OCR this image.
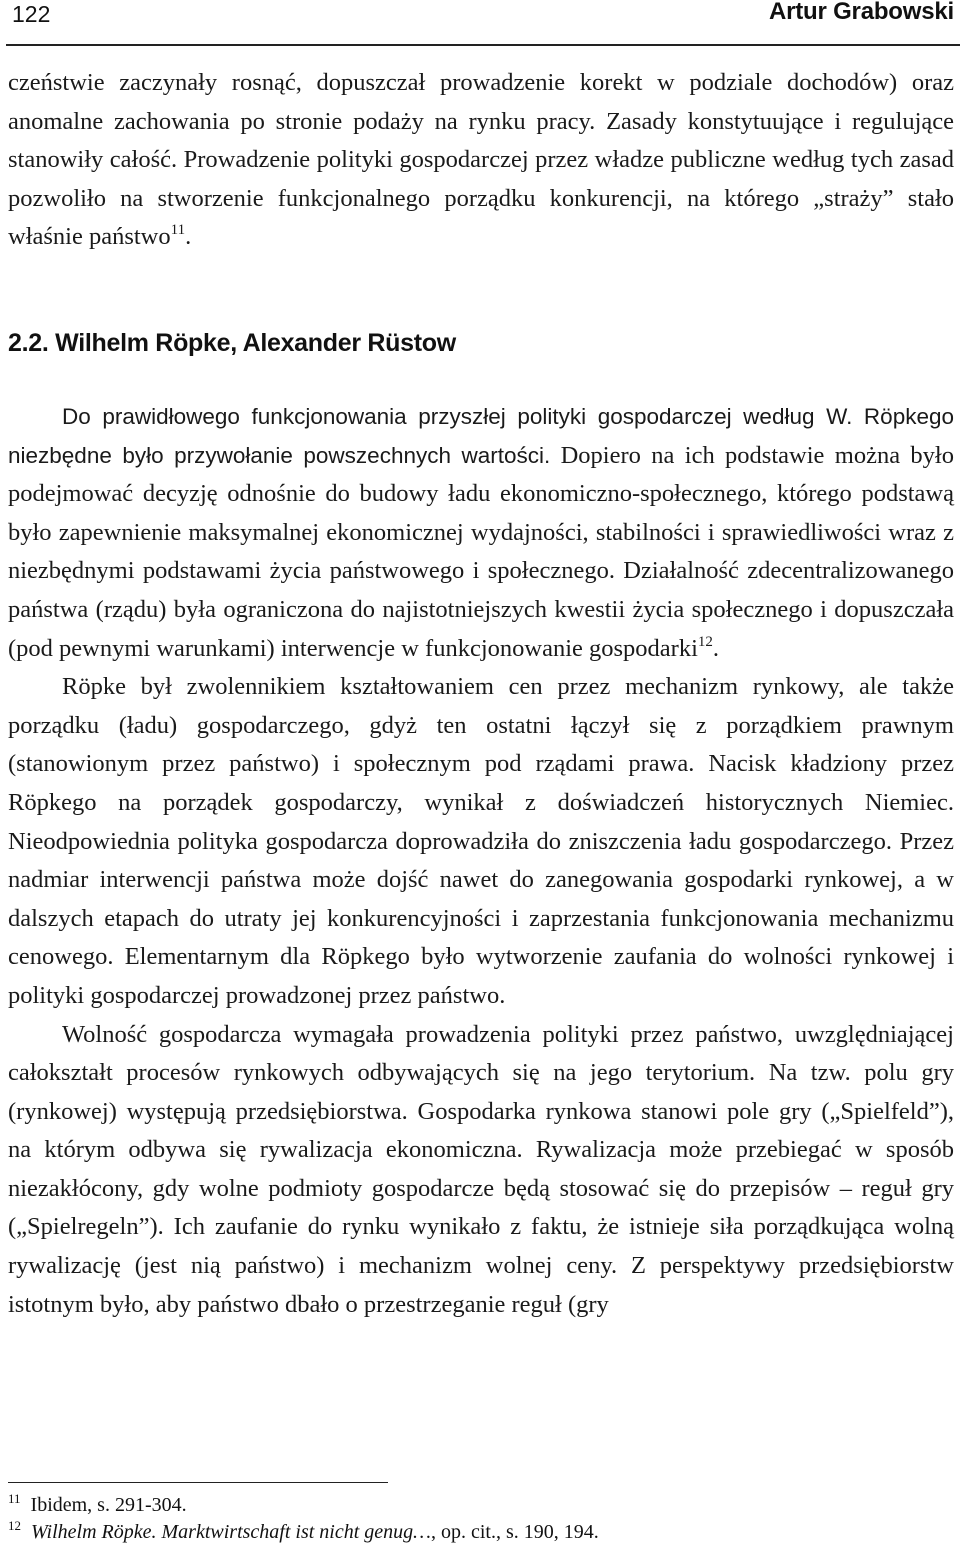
122	Artur Grabowski

czeństwie zaczynały rosnąć, dopuszczał prowadzenie korekt w podziale dochodów) oraz anomalne zachowania po stronie podaży na rynku pracy. Zasady konstytuujące i regulujące stanowiły całość. Prowadzenie polityki gospodarczej przez władze publiczne według tych zasad pozwoliło na stworzenie funkcjonalnego porządku konkurencji, na którego „straży” stało właśnie państwo$^{11}$.

2.2. Wilhelm Röpke, Alexander Rüstow

Do prawidłowego funkcjonowania przyszłej polityki gospodarczej według W. Röpkego niezbędne było przywołanie powszechnych wartości. Dopiero na ich podstawie można było podejmować decyzję odnośnie do budowy ładu ekonomiczno-społecznego, którego podstawą było zapewnienie maksymalnej ekonomicznej wydajności, stabilności i sprawiedliwości wraz z niezbędnymi podstawami życia państwowego i społecznego. Działalność zdecentralizowanego państwa (rządu) była ograniczona do najistotniejszych kwestii życia społecznego i dopuszczała (pod pewnymi warunkami) interwencje w funkcjonowanie gospodarki$^{12}$.

Röpke był zwolennikiem kształtowaniem cen przez mechanizm rynkowy, ale także porządku (ładu) gospodarczego, gdyż ten ostatni łączył się z porządkiem prawnym (stanowionym przez państwo) i społecznym pod rządami prawa. Nacisk kładziony przez Röpkego na porządek gospodarczy, wynikał z doświadczeń historycznych Niemiec. Nieodpowiednia polityka gospodarcza doprowadziła do zniszczenia ładu gospodarczego. Przez nadmiar interwencji państwa może dojść nawet do zanegowania gospodarki rynkowej, a w dalszych etapach do utraty jej konkurencyjności i zaprzestania funkcjonowania mechanizmu cenowego. Elementarnym dla Röpkego było wytworzenie zaufania do wolności rynkowej i polityki gospodarczej prowadzonej przez państwo.

Wolność gospodarcza wymagała prowadzenia polityki przez państwo, uwzględniającej całokształt procesów rynkowych odbywających się na jego terytorium. Na tzw. polu gry (rynkowej) występują przedsiębiorstwa. Gospodarka rynkowa stanowi pole gry („Spielfeld”), na którym odbywa się rywalizacja ekonomiczna. Rywalizacja może przebiegać w sposób niezakłócony, gdy wolne podmioty gospodarcze będą stosować się do przepisów – reguł gry („Spielregeln”). Ich zaufanie do rynku wynikało z faktu, że istnieje siła porządkująca wolną rywalizację (jest nią państwo) i mechanizm wolnej ceny. Z perspektywy przedsiębiorstw istotnym było, aby państwo dbało o przestrzeganie reguł (gry

$^{11}$ Ibidem, s. 291-304.

$^{12}$ Wilhelm Röpke. Marktwirtschaft ist nicht genug…, op. cit., s. 190, 194.
